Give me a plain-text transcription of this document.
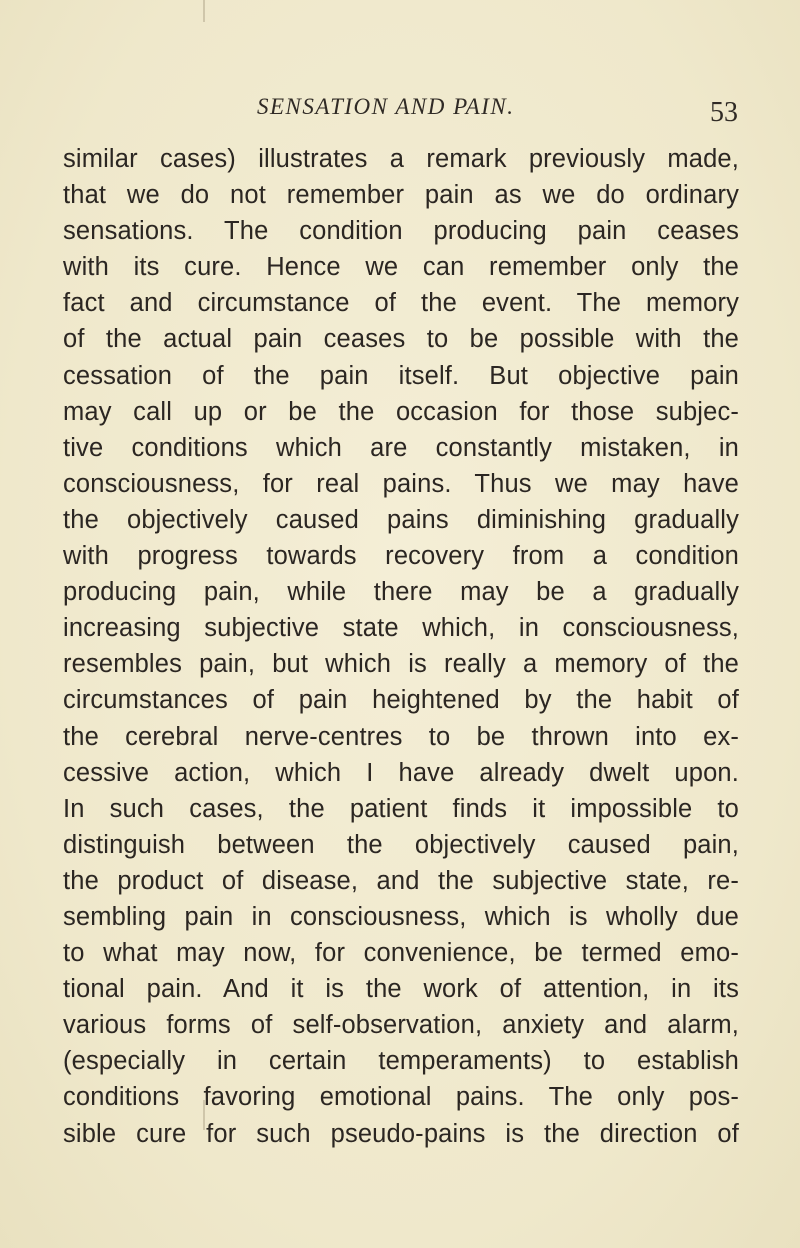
SENSATION AND PAIN.	53
similar cases) illustrates a remark previously made,
that we do not remember pain as we do ordinary
sensations. The condition producing pain ceases
with its cure. Hence we can remember only the
fact and circumstance of the event. The memory
of the actual pain ceases to be possible with the
cessation of the pain itself. But objective pain
may call up or be the occasion for those subjec-
tive conditions which are constantly mistaken, in
consciousness, for real pains. Thus we may have
the objectively caused pains diminishing gradually
with progress towards recovery from a condition
producing pain, while there may be a gradually
increasing subjective state which, in consciousness,
resembles pain, but which is really a memory of the
circumstances of pain heightened by the habit of
the cerebral nerve-centres to be thrown into ex-
cessive action, which I have already dwelt upon.
In such cases, the patient finds it impossible to
distinguish between the objectively caused pain,
the product of disease, and the subjective state, re-
sembling pain in consciousness, which is wholly due
to what may now, for convenience, be termed emo-
tional pain. And it is the work of attention, in its
various forms of self-observation, anxiety and alarm,
(especially in certain temperaments) to establish
conditions favoring emotional pains. The only pos-
sible cure for such pseudo-pains is the direction of
